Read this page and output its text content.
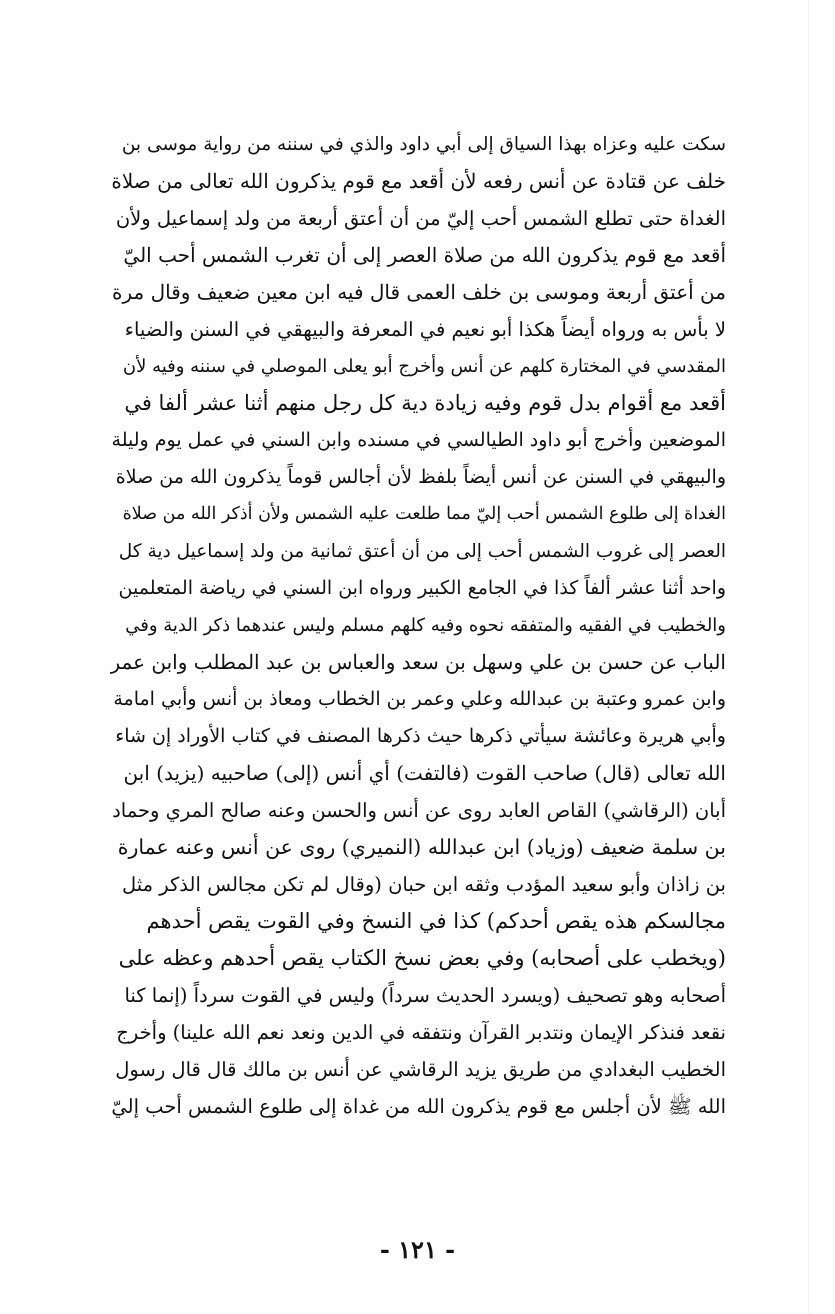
سكت عليه وعزاه بهذا السياق إلى أبي داود والذي في سننه من رواية موسى بن
خلف عن قتادة عن أنس رفعه لأن أقعد مع قوم يذكرون الله تعالى من صلاة
الغداة حتى تطلع الشمس أحب إليّ من أن أعتق أربعة من ولد إسماعيل ولأن
أقعد مع قوم يذكرون الله من صلاة العصر إلى أن تغرب الشمس أحب اليّ
من أعتق أربعة وموسى بن خلف العمى قال فيه ابن معين ضعيف وقال مرة
لا بأس به ورواه أيضاً هكذا أبو نعيم في المعرفة والبيهقي في السنن والضياء
المقدسي في المختارة كلهم عن أنس وأخرج أبو يعلى الموصلي في سننه وفيه لأن
أقعد مع أقوام بدل قوم وفيه زيادة دية كل رجل منهم أثنا عشر ألفا في
الموضعين وأخرج أبو داود الطيالسي في مسنده وابن السني في عمل يوم وليلة
والبيهقي في السنن عن أنس أيضاً بلفظ لأن أجالس قوماً يذكرون الله من صلاة
الغداة إلى طلوع الشمس أحب إليّ مما طلعت عليه الشمس ولأن أذكر الله من صلاة
العصر إلى غروب الشمس أحب إلى من أن أعتق ثمانية من ولد إسماعيل دية كل
واحد أثنا عشر ألفاً كذا في الجامع الكبير ورواه ابن السني في رياضة المتعلمين
والخطيب في الفقيه والمتفقه نحوه وفيه كلهم مسلم وليس عندهما ذكر الدية وفي
الباب عن حسن بن علي وسهل بن سعد والعباس بن عبد المطلب وابن عمر
وابن عمرو وعتبة بن عبدالله وعلي وعمر بن الخطاب ومعاذ بن أنس وأبي امامة
وأبي هريرة وعائشة سيأتي ذكرها حيث ذكرها المصنف في كتاب الأوراد إن شاء
الله تعالى (قال) صاحب القوت (فالتفت) أي أنس (إلى) صاحبيه (يزيد) ابن
أبان (الرقاشي) القاص العابد روى عن أنس والحسن وعنه صالح المري وحماد
بن سلمة ضعيف (وزياد) ابن عبدالله (النميري) روى عن أنس وعنه عمارة
بن زاذان وأبو سعيد المؤدب وثقه ابن حبان (وقال لم تكن مجالس الذكر مثل
مجالسكم هذه يقص أحدكم) كذا في النسخ وفي القوت يقص أحدهم
(ويخطب على أصحابه) وفي بعض نسخ الكتاب يقص أحدهم وعظه على
أصحابه وهو تصحيف (ويسرد الحديث سرداً) وليس في القوت سرداً (إنما كنا
نقعد فنذكر الإيمان ونتدبر القرآن ونتفقه في الدين ونعد نعم الله علينا) وأخرج
الخطيب البغدادي من طريق يزيد الرقاشي عن أنس بن مالك قال قال رسول
الله ﷺ لأن أجلس مع قوم يذكرون الله من غداة إلى طلوع الشمس أحب إليّ
- ١٢١ -
